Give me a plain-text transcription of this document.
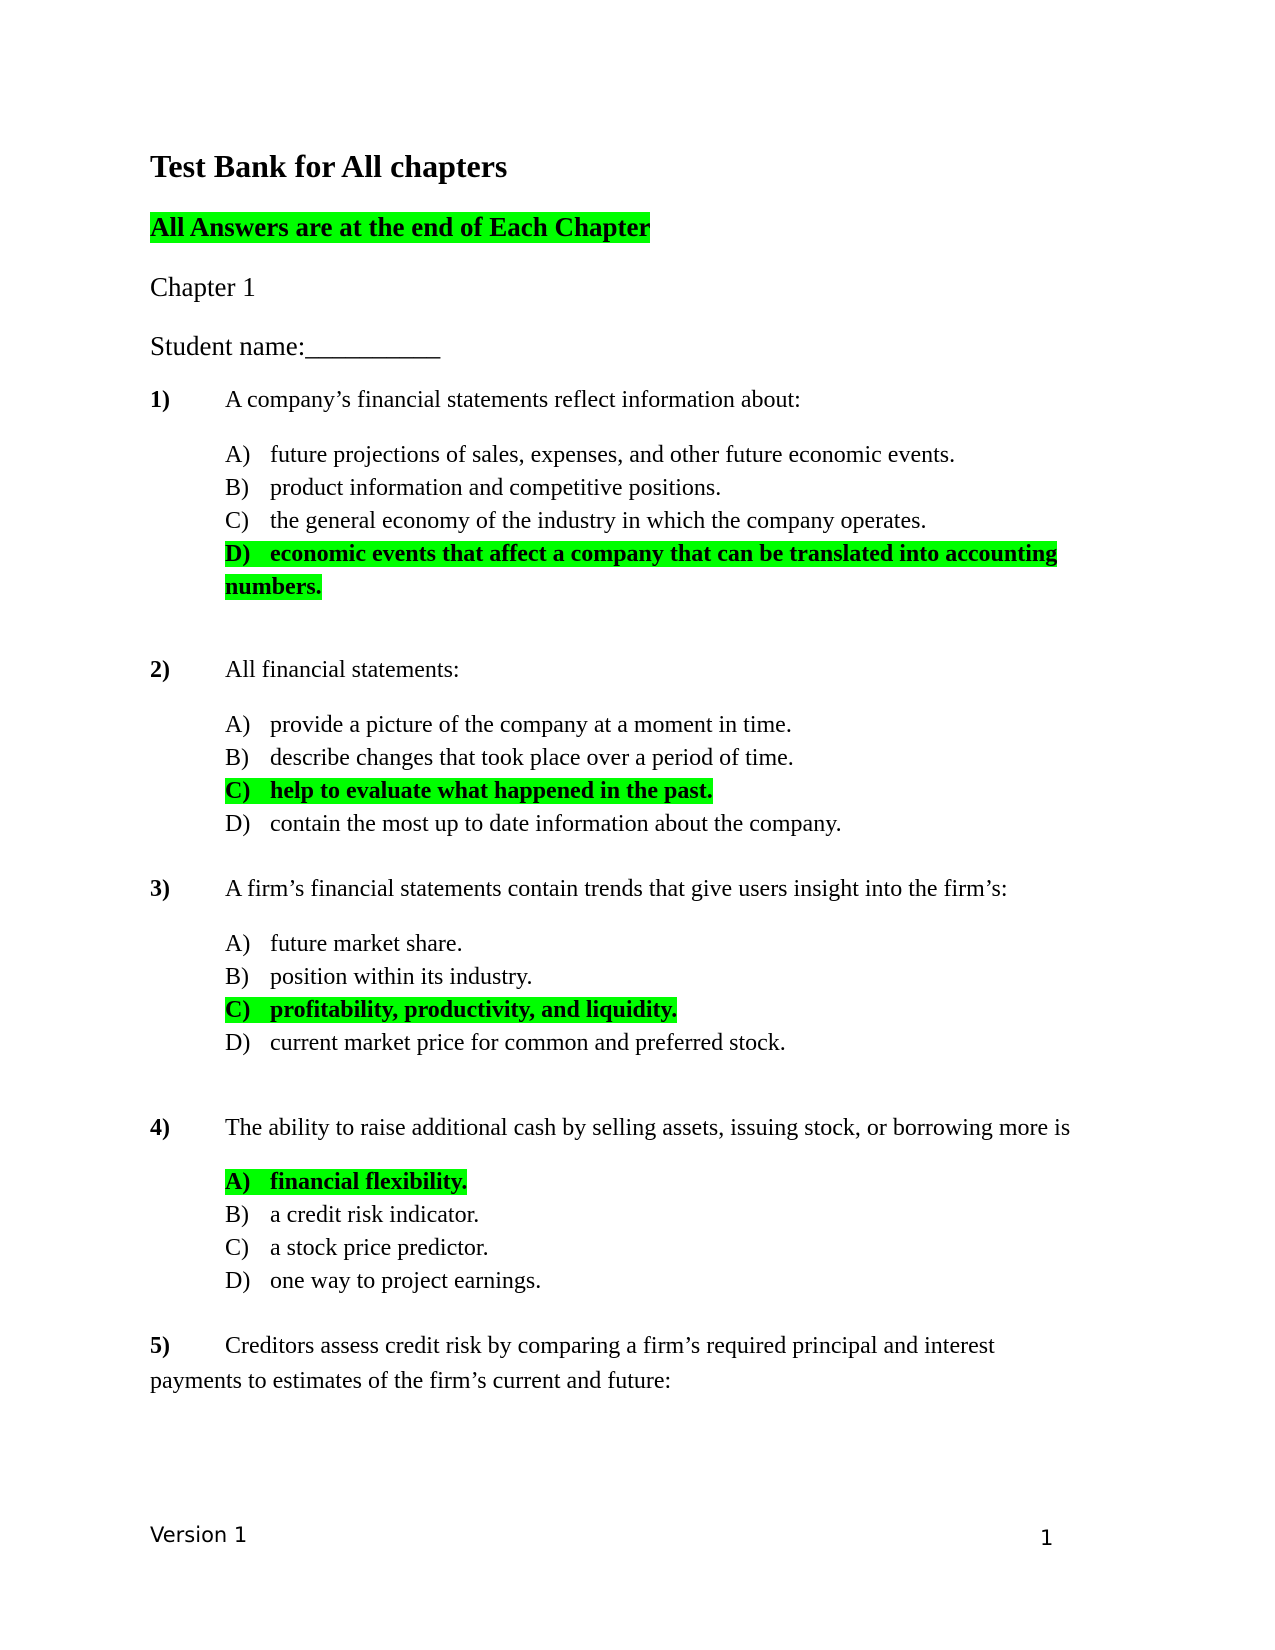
Test Bank for All chapters
All Answers are at the end of Each Chapter
Chapter 1
Student name:__________
1) A company’s financial statements reflect information about:
A) future projections of sales, expenses, and other future economic events.
B) product information and competitive positions.
C) the general economy of the industry in which the company operates.
D) economic events that affect a company that can be translated into accounting
numbers.
2) All financial statements:
A) provide a picture of the company at a moment in time.
B) describe changes that took place over a period of time.
C) help to evaluate what happened in the past.
D) contain the most up to date information about the company.
3) A firm’s financial statements contain trends that give users insight into the firm’s:
A) future market share.
B) position within its industry.
C) profitability, productivity, and liquidity.
D) current market price for common and preferred stock.
4) The ability to raise additional cash by selling assets, issuing stock, or borrowing more is
A) financial flexibility.
B) a credit risk indicator.
C) a stock price predictor.
D) one way to project earnings.
5) Creditors assess credit risk by comparing a firm’s required principal and interest
payments to estimates of the firm’s current and future:
Version 1	1
